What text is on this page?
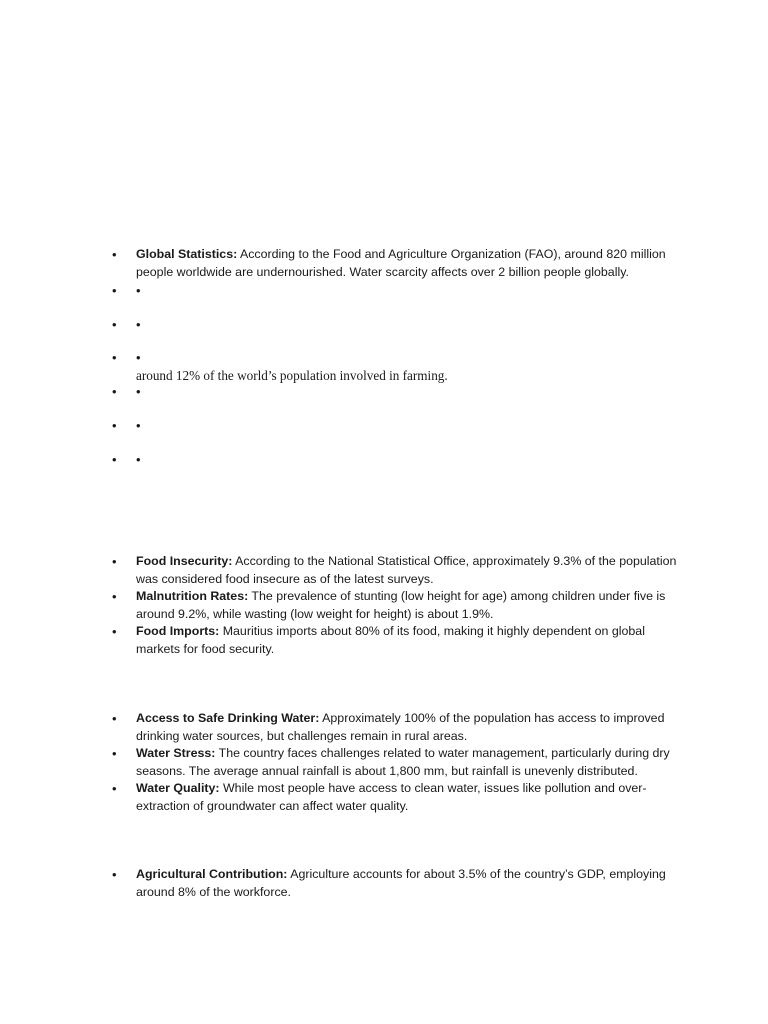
• Global Statistics: According to the Food and Agriculture Organization (FAO), around 820 million people worldwide are undernourished. Water scarcity affects over 2 billion people globally.
• •
• •
• •
around 12% of the world’s population involved in farming.
• •
• •
• •
• Food Insecurity: According to the National Statistical Office, approximately 9.3% of the population was considered food insecure as of the latest surveys.
• Malnutrition Rates: The prevalence of stunting (low height for age) among children under five is around 9.2%, while wasting (low weight for height) is about 1.9%.
• Food Imports: Mauritius imports about 80% of its food, making it highly dependent on global markets for food security.
• Access to Safe Drinking Water: Approximately 100% of the population has access to improved drinking water sources, but challenges remain in rural areas.
• Water Stress: The country faces challenges related to water management, particularly during dry seasons. The average annual rainfall is about 1,800 mm, but rainfall is unevenly distributed.
• Water Quality: While most people have access to clean water, issues like pollution and over-extraction of groundwater can affect water quality.
• Agricultural Contribution: Agriculture accounts for about 3.5% of the country’s GDP, employing around 8% of the workforce.
